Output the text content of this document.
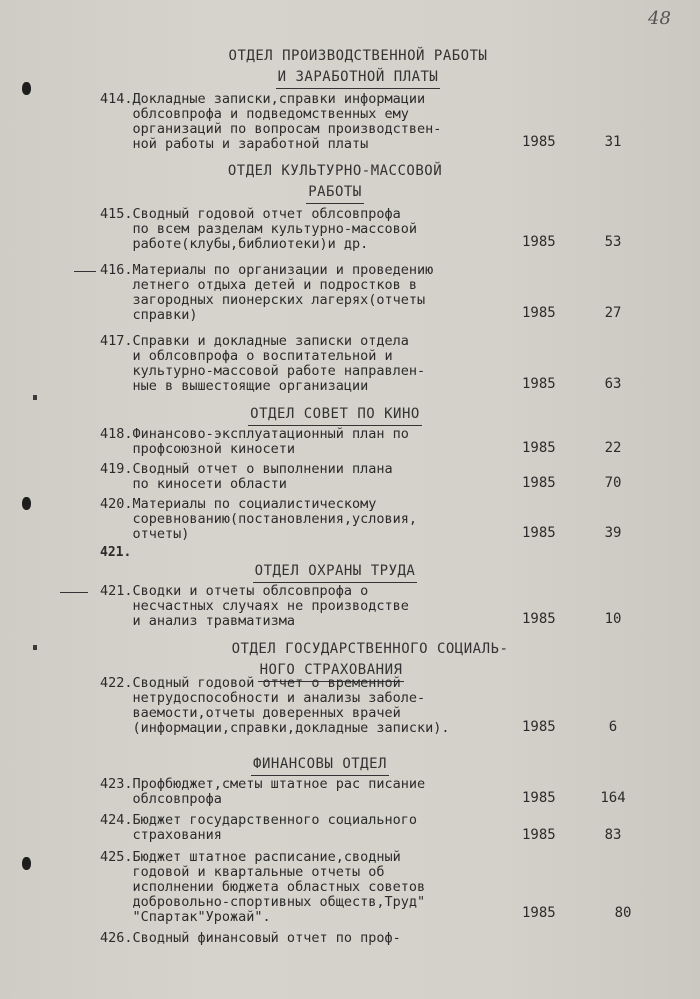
48
ОТДЕЛ ПРОИЗВОДСТВЕННОЙ РАБОТЫ
И ЗАРАБОТНОЙ ПЛАТЫ
ОТДЕЛ КУЛЬТУРНО-МАССОВОЙ
РАБОТЫ
ОТДЕЛ СОВЕТ ПО КИНО
ОТДЕЛ ОХРАНЫ ТРУДА
ОТДЕЛ ГОСУДАРСТВЕННОГО СОЦИАЛЬ-
НОГО СТРАХОВАНИЯ
ФИНАНСОВЫ ОТДЕЛ
414.Докладные записки,справки информации
облсовпрофа и подведомственных ему
организаций по вопросам производствен-
ной работы и заработной платы	1985	31
415.Сводный годовой отчет облсовпрофа
по всем разделам культурно-массовой
работе(клубы,библиотеки)и др.	1985	53
416.Материалы по организации и проведению
летнего отдыха детей и подростков в
загородных пионерских лагерях(отчеты
справки)	1985	27
417.Справки и докладные записки отдела
и облсовпрофа о воспитательной и
культурно-массовой работе направлен-
ные в вышестоящие организации	1985	63
418.Финансово-эксплуатационный план по
профсоюзной киносети	1985	22
419.Сводный отчет о выполнении плана
по киносети области	1985	70
420.Материалы по социалистическому
соревнованию(постановления,условия,
отчеты)	1985	39
421.
421.Сводки и отчеты облсовпрофа о
несчастных случаях не производстве
и анализ травматизма	1985	10
422.Сводный годовой отчет о временной
нетрудоспособности и анализы заболе-
ваемости,отчеты доверенных врачей
(информации,справки,докладные записки).	1985	6
423.Профбюджет,сметы штатное рас писание
облсовпрофа	1985	164
424.Бюджет государственного социального
страхования	1985	83
425.Бюджет штатное расписание,сводный
годовой и квартальные отчеты об
исполнении бюджета областных советов
добровольно-спортивных обществ,Труд"
"Спартак"Урожай".	1985	80
426.Сводный финансовый отчет по проф-
